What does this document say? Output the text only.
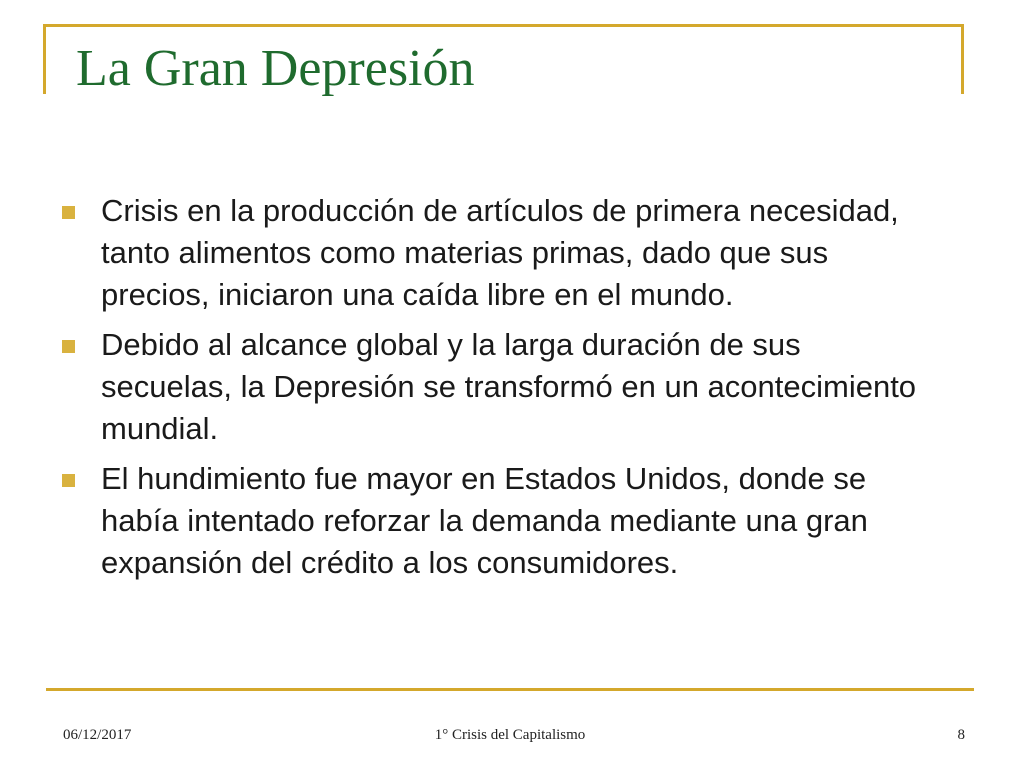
La Gran Depresión
Crisis en la producción de artículos de primera necesidad, tanto alimentos como materias primas, dado que sus precios, iniciaron una caída libre en el mundo.
Debido al alcance global y la larga duración de sus secuelas, la Depresión se transformó en un acontecimiento mundial.
El hundimiento fue mayor en Estados Unidos, donde se había intentado reforzar la demanda mediante una gran expansión del crédito a los consumidores.
06/12/2017	1° Crisis del Capitalismo	8
